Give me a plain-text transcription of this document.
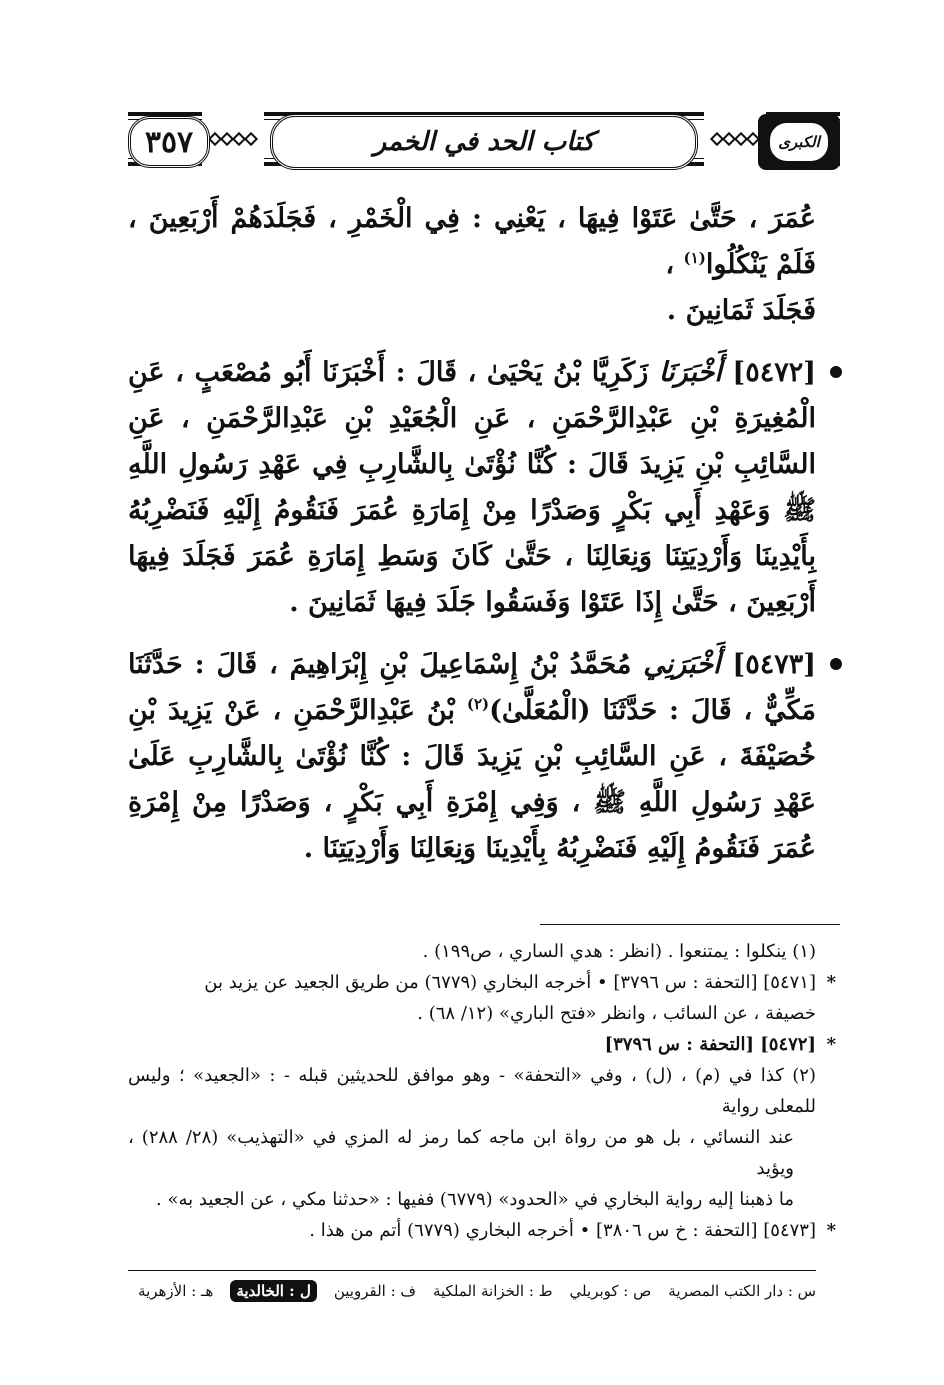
٣٥٧	كتاب الحد في الخمر	الكبرى

عُمَرَ ، حَتَّىٰ عَتَوْا فِيهَا ، يَعْنِي : فِي الْخَمْرِ ، فَجَلَدَهُمْ أَرْبَعِينَ ، فَلَمْ يَنْكُلُوا$^{(١)}$ ،

فَجَلَدَ ثَمَانِينَ .

[٥٤٧٢] أَخْبَرَنَا زَكَرِيَّا بْنُ يَحْيَىٰ ، قَالَ : أَخْبَرَنَا أَبُو مُصْعَبٍ ، عَنِ الْمُغِيرَةِ بْنِ عَبْدِالرَّحْمَنِ ، عَنِ الْجُعَيْدِ بْنِ عَبْدِالرَّحْمَنِ ، عَنِ السَّائِبِ بْنِ يَزِيدَ قَالَ : كُنَّا نُؤْتَىٰ بِالشَّارِبِ فِي عَهْدِ رَسُولِ اللَّهِ ﷺ وَعَهْدِ أَبِي بَكْرٍ وَصَدْرًا مِنْ إِمَارَةِ عُمَرَ فَنَقُومُ إِلَيْهِ فَنَضْرِبُهُ بِأَيْدِينَا وَأَرْدِيَتِنَا وَنِعَالِنَا ، حَتَّىٰ كَانَ وَسَطِ إِمَارَةِ عُمَرَ فَجَلَدَ فِيهَا أَرْبَعِينَ ، حَتَّىٰ إِذَا عَتَوْا وَفَسَقُوا جَلَدَ فِيهَا ثَمَانِينَ .

[٥٤٧٣] أَخْبَرَنِي مُحَمَّدُ بْنُ إِسْمَاعِيلَ بْنِ إِبْرَاهِيمَ ، قَالَ : حَدَّثَنَا مَكِّيٌّ ، قَالَ : حَدَّثَنَا (الْمُعَلَّىٰ)$^{(٢)}$ بْنُ عَبْدِالرَّحْمَنِ ، عَنْ يَزِيدَ بْنِ خُصَيْفَةَ ، عَنِ السَّائِبِ بْنِ يَزِيدَ قَالَ : كُنَّا نُؤْتَىٰ بِالشَّارِبِ عَلَىٰ عَهْدِ رَسُولِ اللَّهِ ﷺ ، وَفِي إِمْرَةِ أَبِي بَكْرٍ ، وَصَدْرًا مِنْ إِمْرَةِ عُمَرَ فَنَقُومُ إِلَيْهِ فَنَضْرِبُهُ بِأَيْدِينَا وَنِعَالِنَا وَأَرْدِيَتِنَا .

(١) ينكلوا : يمتنعوا . (انظر : هدي الساري ، ص١٩٩) .

*

[٥٤٧١] [التحفة : س ٣٧٩٦] • أخرجه البخاري (٦٧٧٩) من طريق الجعيد عن يزيد بن

خصيفة ، عن السائب ، وانظر «فتح الباري» (١٢/ ٦٨) .

*

[٥٤٧٢] [التحفة : س ٣٧٩٦]

(٢) كذا في (م) ، (ل) ، وفي «التحفة» - وهو موافق للحديثين قبله - : «الجعيد» ؛ وليس للمعلى رواية

عند النسائي ، بل هو من رواة ابن ماجه كما رمز له المزي في «التهذيب» (٢٨/ ٢٨٨) ، ويؤيد

ما ذهبنا إليه رواية البخاري في «الحدود» (٦٧٧٩) ففيها : «حدثنا مكي ، عن الجعيد به» .

*

[٥٤٧٣] [التحفة : خ س ٣٨٠٦] • أخرجه البخاري (٦٧٧٩) أتم من هذا .

س : دار الكتب المصرية
ص : كوبريلي
ط : الخزانة الملكية
ف : القرويين
ل : الخالدية
هـ : الأزهرية
